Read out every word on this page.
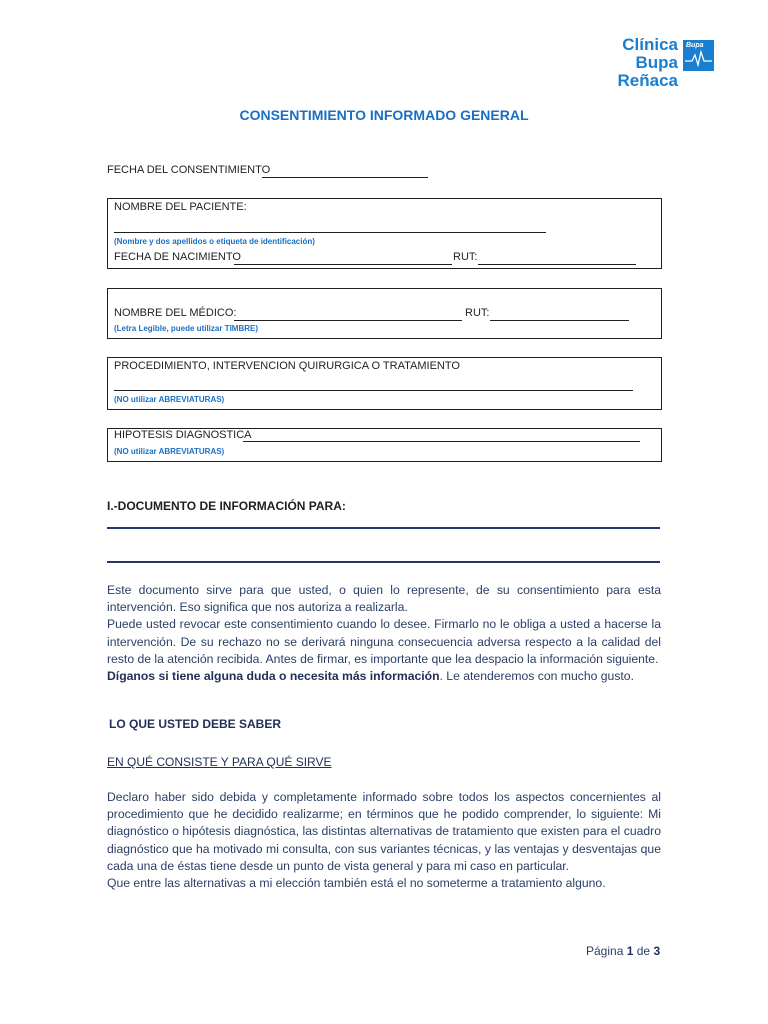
Clínica
Bupa Reñaca
Bupa
CONSENTIMIENTO INFORMADO GENERAL
FECHA DEL CONSENTIMIENTO
NOMBRE DEL PACIENTE:
(Nombre y dos apellidos o etiqueta de identificación)
FECHA DE NACIMIENTO	RUT:
NOMBRE DEL MÉDICO:	RUT:
(Letra Legible, puede utilizar TIMBRE)
PROCEDIMIENTO, INTERVENCION QUIRURGICA O TRATAMIENTO
(NO utilizar ABREVIATURAS)
HIPOTESIS DIAGNOSTICA
(NO utilizar ABREVIATURAS)
I.-DOCUMENTO DE INFORMACIÓN PARA:

Este documento sirve para que usted, o quien lo represente, de su consentimiento para esta intervención. Eso significa que nos autoriza a realizarla.

Puede usted revocar este consentimiento cuando lo desee. Firmarlo no le obliga a usted a hacerse la intervención. De su rechazo no se derivará ninguna consecuencia adversa respecto a la calidad del resto de la atención recibida. Antes de firmar, es importante que lea despacio la información siguiente.

Díganos si tiene alguna duda o necesita más información. Le atenderemos con mucho gusto.

LO QUE USTED DEBE SABER
EN QUÉ CONSISTE Y PARA QUÉ SIRVE

Declaro haber sido debida y completamente informado sobre todos los aspectos concernientes al procedimiento que he decidido realizarme; en términos que he podido comprender, lo siguiente: Mi diagnóstico o hipótesis diagnóstica, las distintas alternativas de tratamiento que existen para el cuadro diagnóstico que ha motivado mi consulta, con sus variantes técnicas, y las ventajas y desventajas que cada una de éstas tiene desde un punto de vista general y para mi caso en particular.

Que entre las alternativas a mi elección también está el no someterme a tratamiento alguno.

Página 1 de 3
